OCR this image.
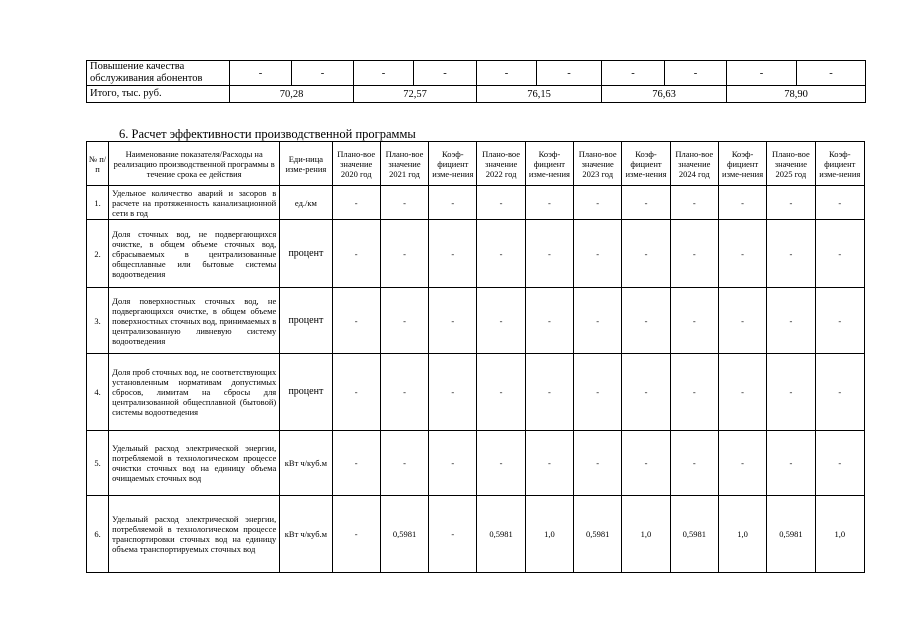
Повышение качества обслуживания абонентов	-	-	-	-	-	-	-	-	-	-
Итого, тыс. руб.	70,28		72,57		76,15		76,63		78,90	
6. Расчет эффективности производственной программы
№ п/п	Наименование показателя/Расходы на реализацию производственной программы в течение срока ее действия	Еди-ница изме-рения	Плано-вое значение 2020 год	Плано-вое значение 2021 год	Коэф-фициент изме-нения	Плано-вое значение 2022 год	Коэф-фициент изме-нения	Плано-вое значение 2023 год	Коэф-фициент изме-нения	Плано-вое значение 2024 год	Коэф-фициент изме-нения	Плано-вое значение 2025 год	Коэф-фициент изме-нения
1.	Удельное количество аварий и засоров в расчете на протяженность канализационной сети в год	ед./км	-	-	-	-	-	-	-	-	-	-	-
2.	Доля сточных вод, не подвергающихся очистке, в общем объеме сточных вод, сбрасываемых в централизованные общесплавные или бытовые системы водоотведения	процент	-	-	-	-	-	-	-	-	-	-	-
3.	Доля поверхностных сточных вод, не подвергающихся очистке, в общем объеме поверхностных сточных вод, принимаемых в централизованную ливневую систему водоотведения	процент	-	-	-	-	-	-	-	-	-	-	-
4.	Доля проб сточных вод, не соответствующих установленным нормативам допустимых сбросов, лимитам на сбросы для централизованной общесплавной (бытовой) системы водоотведения	процент	-	-	-	-	-	-	-	-	-	-	-
5.	Удельный расход электрической энергии, потребляемой в технологическом процессе очистки сточных вод на единицу объема очищаемых сточных вод	кВт ч/куб.м	-	-	-	-	-	-	-	-	-	-	-
6.	Удельный расход электрической энергии, потребляемой в технологическом процессе транспортировки сточных вод на единицу объема транспортируемых сточных вод	кВт ч/куб.м	-	0,5981	-	0,5981	1,0	0,5981	1,0	0,5981	1,0	0,5981	1,0
